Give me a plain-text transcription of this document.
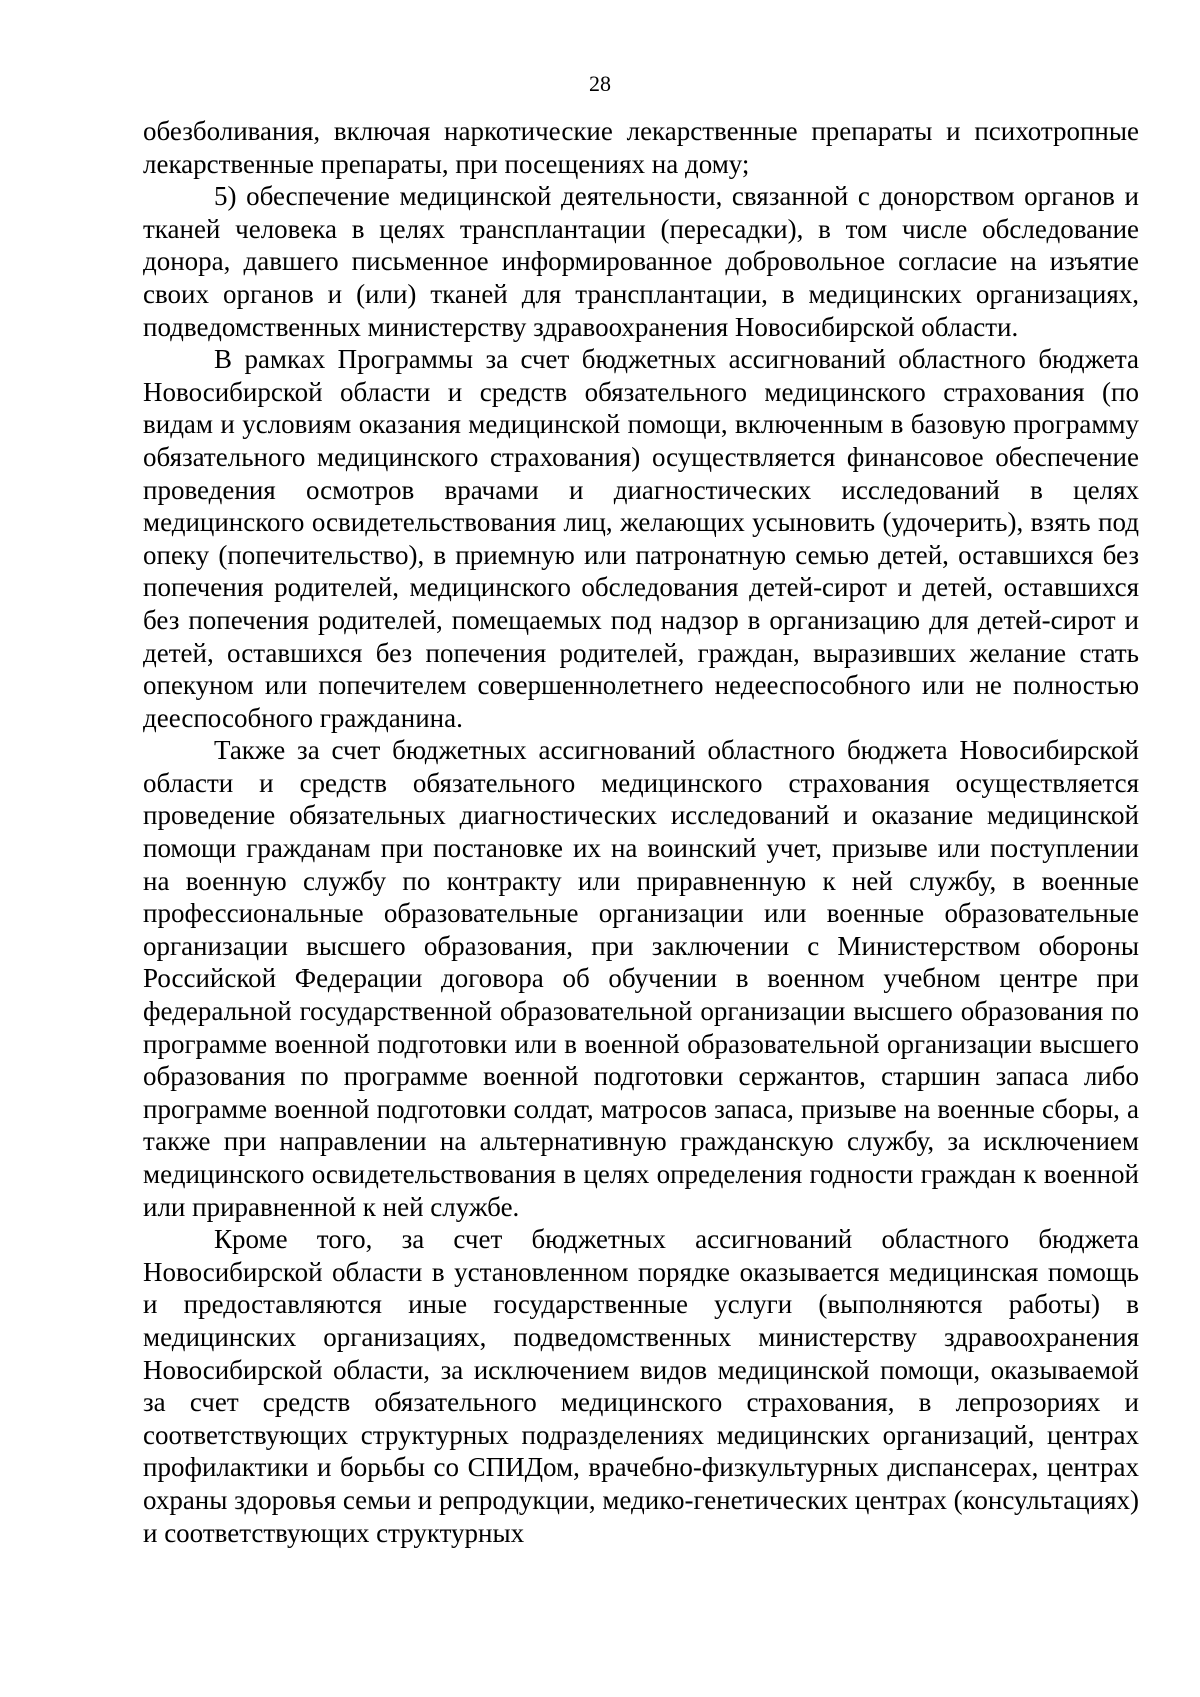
28

обезболивания, включая наркотические лекарственные препараты и психотропные лекарственные препараты, при посещениях на дому;

5) обеспечение медицинской деятельности, связанной с донорством органов и тканей человека в целях трансплантации (пересадки), в том числе обследование донора, давшего письменное информированное добровольное согласие на изъятие своих органов и (или) тканей для трансплантации, в медицинских организациях, подведомственных министерству здравоохранения Новосибирской области.

В рамках Программы за счет бюджетных ассигнований областного бюджета Новосибирской области и средств обязательного медицинского страхования (по видам и условиям оказания медицинской помощи, включенным в базовую программу обязательного медицинского страхования) осуществляется финансовое обеспечение проведения осмотров врачами и диагностических исследований в целях медицинского освидетельствования лиц, желающих усыновить (удочерить), взять под опеку (попечительство), в приемную или патронатную семью детей, оставшихся без попечения родителей, медицинского обследования детей-сирот и детей, оставшихся без попечения родителей, помещаемых под надзор в организацию для детей-сирот и детей, оставшихся без попечения родителей, граждан, выразивших желание стать опекуном или попечителем совершеннолетнего недееспособного или не полностью дееспособного гражданина.

Также за счет бюджетных ассигнований областного бюджета Новосибирской области и средств обязательного медицинского страхования осуществляется проведение обязательных диагностических исследований и оказание медицинской помощи гражданам при постановке их на воинский учет, призыве или поступлении на военную службу по контракту или приравненную к ней службу, в военные профессиональные образовательные организации или военные образовательные организации высшего образования, при заключении с Министерством обороны Российской Федерации договора об обучении в военном учебном центре при федеральной государственной образовательной организации высшего образования по программе военной подготовки или в военной образовательной организации высшего образования по программе военной подготовки сержантов, старшин запаса либо программе военной подготовки солдат, матросов запаса, призыве на военные сборы, а также при направлении на альтернативную гражданскую службу, за исключением медицинского освидетельствования в целях определения годности граждан к военной или приравненной к ней службе.

Кроме того, за счет бюджетных ассигнований областного бюджета Новосибирской области в установленном порядке оказывается медицинская помощь и предоставляются иные государственные услуги (выполняются работы) в медицинских организациях, подведомственных министерству здравоохранения Новосибирской области, за исключением видов медицинской помощи, оказываемой за счет средств обязательного медицинского страхования, в лепрозориях и соответствующих структурных подразделениях медицинских организаций, центрах профилактики и борьбы со СПИДом, врачебно-физкультурных диспансерах, центрах охраны здоровья семьи и репродукции, медико-генетических центрах (консультациях) и соответствующих структурных
